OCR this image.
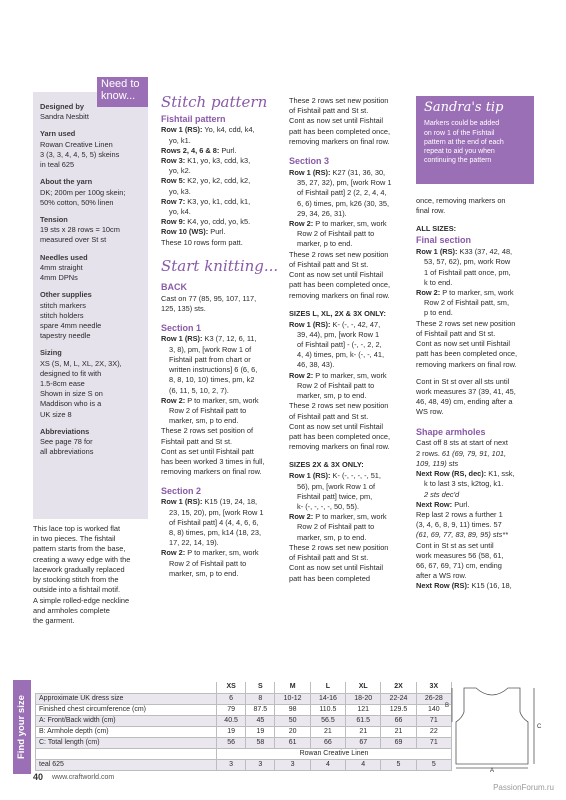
Designed by
Sandra Nesbitt
Yarn used
Rowan Creative Linen
3 (3, 3, 4, 4, 5, 5) skeins
in teal 625
About the yarn
DK; 200m per 100g skein;
50% cotton, 50% linen
Tension
19 sts x 28 rows = 10cm
measured over St st
Needles used
4mm straight
4mm DPNs
Other supplies
stitch markers
stitch holders
spare 4mm needle
tapestry needle
Sizing
XS (S, M, L, XL, 2X, 3X),
designed to fit with
1.5-8cm ease
Shown in size S on
Maddison who is a
UK size 8
Abbreviations
See page 78 for
all abbreviations
Need to
know...
This lace top is worked flat
in two pieces. The fishtail
pattern starts from the base,
creating a wavy edge with the
lacework gradually replaced
by stocking stitch from the
outside into a fishtail motif.
A simple rolled-edge neckline
and armholes complete
the garment.
Stitch pattern
Fishtail pattern
Row 1 (RS): Yo, k4, cdd, k4,
yo, k1.
Rows 2, 4, 6 & 8: Purl.
Row 3: K1, yo, k3, cdd, k3,
yo, k2.
Row 5: K2, yo, k2, cdd, k2,
yo, k3.
Row 7: K3, yo, k1, cdd, k1,
yo, k4.
Row 9: K4, yo, cdd, yo, k5.
Row 10 (WS): Purl.
These 10 rows form patt.
Start knitting...
BACK
Cast on 77 (85, 95, 107, 117,
125, 135) sts.
Section 1
Row 1 (RS): K3 (7, 12, 6, 11,
3, 8), pm, [work Row 1 of
Fishtail patt from chart or
written instructions] 6 (6, 6,
8, 8, 10, 10) times, pm, k2
(6, 11, 5, 10, 2, 7).
Row 2: P to marker, sm, work
Row 2 of Fishtail patt to
marker, sm, p to end.
These 2 rows set position of
Fishtail patt and St st.
Cont as set until Fishtail patt
has been worked 3 times in full,
removing markers on final row.
Section 2
Row 1 (RS): K15 (19, 24, 18,
23, 15, 20), pm, [work Row 1
of Fishtail patt] 4 (4, 4, 6, 6,
8, 8) times, pm, k14 (18, 23,
17, 22, 14, 19).
Row 2: P to marker, sm, work
Row 2 of Fishtail patt to
marker, sm, p to end.
These 2 rows set new position
of Fishtail patt and St st.
Cont as now set until Fishtail
patt has been completed once,
removing markers on final row.
Section 3
Row 1 (RS): K27 (31, 36, 30,
35, 27, 32), pm, [work Row 1
of Fishtail patt] 2 (2, 2, 4, 4,
6, 6) times, pm, k26 (30, 35,
29, 34, 26, 31).
Row 2: P to marker, sm, work
Row 2 of Fishtail patt to
marker, p to end.
These 2 rows set new position
of Fishtail patt and St st.
Cont as now set until Fishtail
patt has been completed once,
removing markers on final row.
SIZES L, XL, 2X & 3X ONLY:
Row 1 (RS): K- (-, -, 42, 47,
39, 44), pm, [work Row 1
of Fishtail patt] - (-, -, 2, 2,
4, 4) times, pm, k- (-, -, 41,
46, 38, 43).
Row 2: P to marker, sm, work
Row 2 of Fishtail patt to
marker, sm, p to end.
These 2 rows set new position
of Fishtail patt and St st.
Cont as now set until Fishtail
patt has been completed once,
removing markers on final row.
SIZES 2X & 3X ONLY:
Row 1 (RS): K- (-, -, -, -, 51,
56), pm, [work Row 1 of
Fishtail patt] twice, pm,
k- (-, -, -, -, 50, 55).
Row 2: P to marker, sm, work
Row 2 of Fishtail patt to
marker, sm, p to end.
These 2 rows set new position
of Fishtail patt and St st.
Cont as now set until Fishtail
patt has been completed
Sandra's tip
Markers could be added
on row 1 of the Fishtail
pattern at the end of each
repeat to aid you when
continuing the pattern
once, removing markers on
final row.
ALL SIZES:
Final section
Row 1 (RS): K33 (37, 42, 48,
53, 57, 62), pm, work Row
1 of Fishtail patt once, pm,
k to end.
Row 2: P to marker, sm, work
Row 2 of Fishtail patt, sm,
p to end.
These 2 rows set new position
of Fishtail patt and St st.
Cont as now set until Fishtail
patt has been completed once,
removing markers on final row.
Cont in St st over all sts until
work measures 37 (39, 41, 45,
46, 48, 49) cm, ending after a
WS row.
Shape armholes
Cast off 8 sts at start of next
2 rows. 61 (69, 79, 91, 101,
109, 119) sts
Next Row (RS, dec): K1, ssk,
k to last 3 sts, k2tog, k1.
2 sts dec'd
Next Row: Purl.
Rep last 2 rows a further 1
(3, 4, 6, 8, 9, 11) times. 57
(61, 69, 77, 83, 89, 95) sts**
Cont in St st as set until
work measures 56 (58, 61,
66, 67, 69, 71) cm, ending
after a WS row.
Next Row (RS): K15 (16, 18,
Find your size
	XS	S	M	L	XL	2X	3X
Approximate UK dress size	6	8	10-12	14-16	18-20	22-24	26-28
Finished chest circumference (cm)	79	87.5	98	110.5	121	129.5	140
A: Front/Back width (cm)	40.5	45	50	56.5	61.5	66	71
B: Armhole depth (cm)	19	19	20	21	21	21	22
C: Total length (cm)	56	58	61	66	67	69	71
	Rowan Creative Linen						
teal 625	3	3	3	4	4	5	5
B
C
A
40 www.craftworld.com
PassionForum.ru
